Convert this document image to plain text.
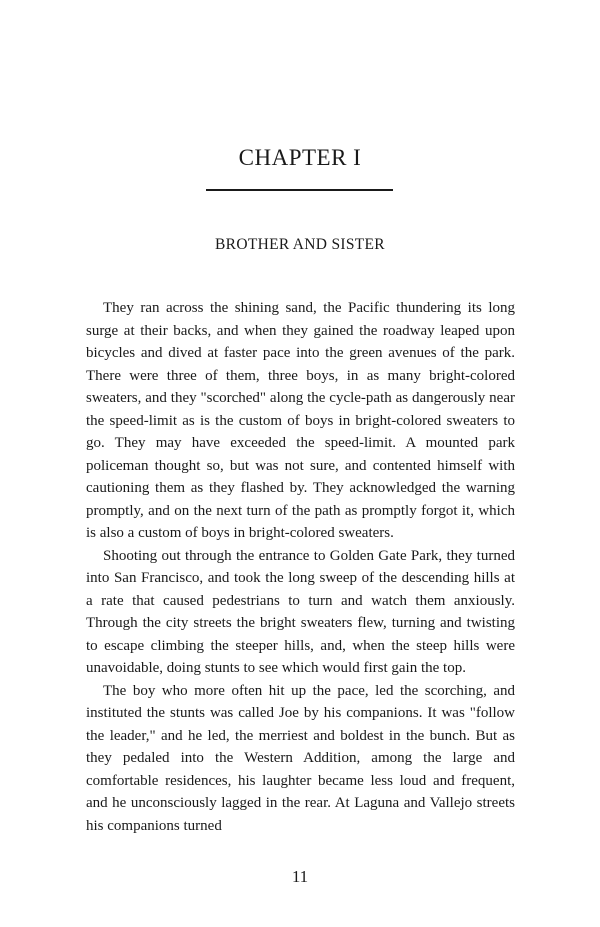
CHAPTER I
BROTHER AND SISTER

They ran across the shining sand, the Pacific thundering its long surge at their backs, and when they gained the roadway leaped upon bicycles and dived at faster pace into the green avenues of the park. There were three of them, three boys, in as many bright-colored sweaters, and they "scorched" along the cycle-path as dangerously near the speed-limit as is the custom of boys in bright-colored sweaters to go. They may have exceeded the speed-limit. A mounted park policeman thought so, but was not sure, and contented himself with cautioning them as they flashed by. They acknowledged the warning promptly, and on the next turn of the path as promptly forgot it, which is also a custom of boys in bright-colored sweaters.

Shooting out through the entrance to Golden Gate Park, they turned into San Francisco, and took the long sweep of the descending hills at a rate that caused pedestrians to turn and watch them anxiously. Through the city streets the bright sweaters flew, turning and twisting to escape climbing the steeper hills, and, when the steep hills were unavoidable, doing stunts to see which would first gain the top.

The boy who more often hit up the pace, led the scorching, and instituted the stunts was called Joe by his companions. It was "follow the leader," and he led, the merriest and boldest in the bunch. But as they pedaled into the Western Addition, among the large and comfortable residences, his laughter became less loud and frequent, and he unconsciously lagged in the rear. At Laguna and Vallejo streets his companions turned

11
